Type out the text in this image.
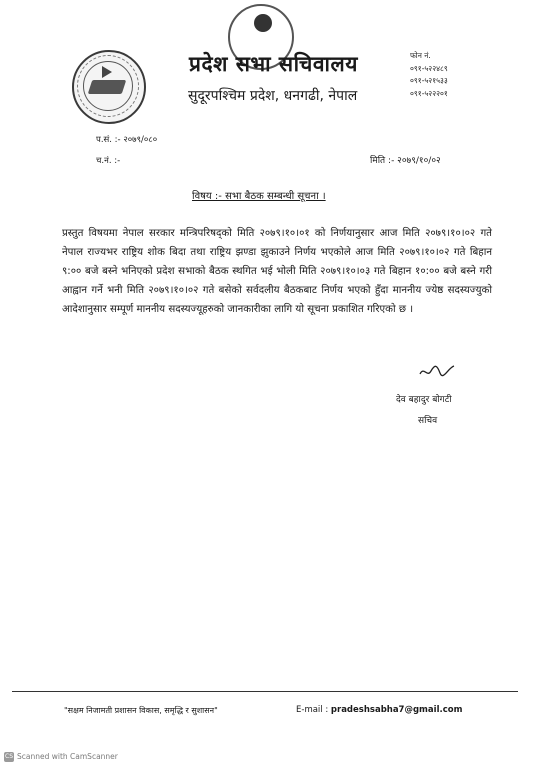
प्रदेश सभा सचिवालय
सुदूरपश्चिम प्रदेश, धनगढी, नेपाल
फोन नं.
०९१-५२२४८९
०९१-५२१५३३
०९१-५२२२०१
प.सं. :- २०७९/०८०
च.नं. :-	मिति :- २०७९/१०/०२
विषय :- सभा बैठक सम्बन्धी सूचना ।
प्रस्तुत विषयमा नेपाल सरकार मन्त्रिपरिषद्को मिति २०७९।१०।०१ को निर्णयानुसार आज मिति २०७९।१०।०२ गते नेपाल राज्यभर राष्ट्रिय शोक बिदा तथा राष्ट्रिय झण्डा झुकाउने निर्णय भएकोले आज मिति २०७९।१०।०२ गते बिहान ९:०० बजे बस्ने भनिएको प्रदेश सभाको बैठक स्थगित भई भोली मिति २०७९।१०।०३ गते बिहान १०:०० बजे बस्ने गरी आह्वान गर्ने भनी मिति २०७९।१०।०२ गते बसेको सर्वदलीय बैठकबाट निर्णय भएको हुँदा माननीय ज्येष्ठ सदस्यज्युको आदेशानुसार सम्पूर्ण माननीय सदस्यज्यूहरुको जानकारीका लागि यो सूचना प्रकाशित गरिएको छ ।
देव बहादुर बोगटी
सचिव
"सक्षम निजामती प्रशासन विकास, समृद्धि र सुशासन"	E-mail : pradeshsabha7@gmail.com
CS Scanned with CamScanner
